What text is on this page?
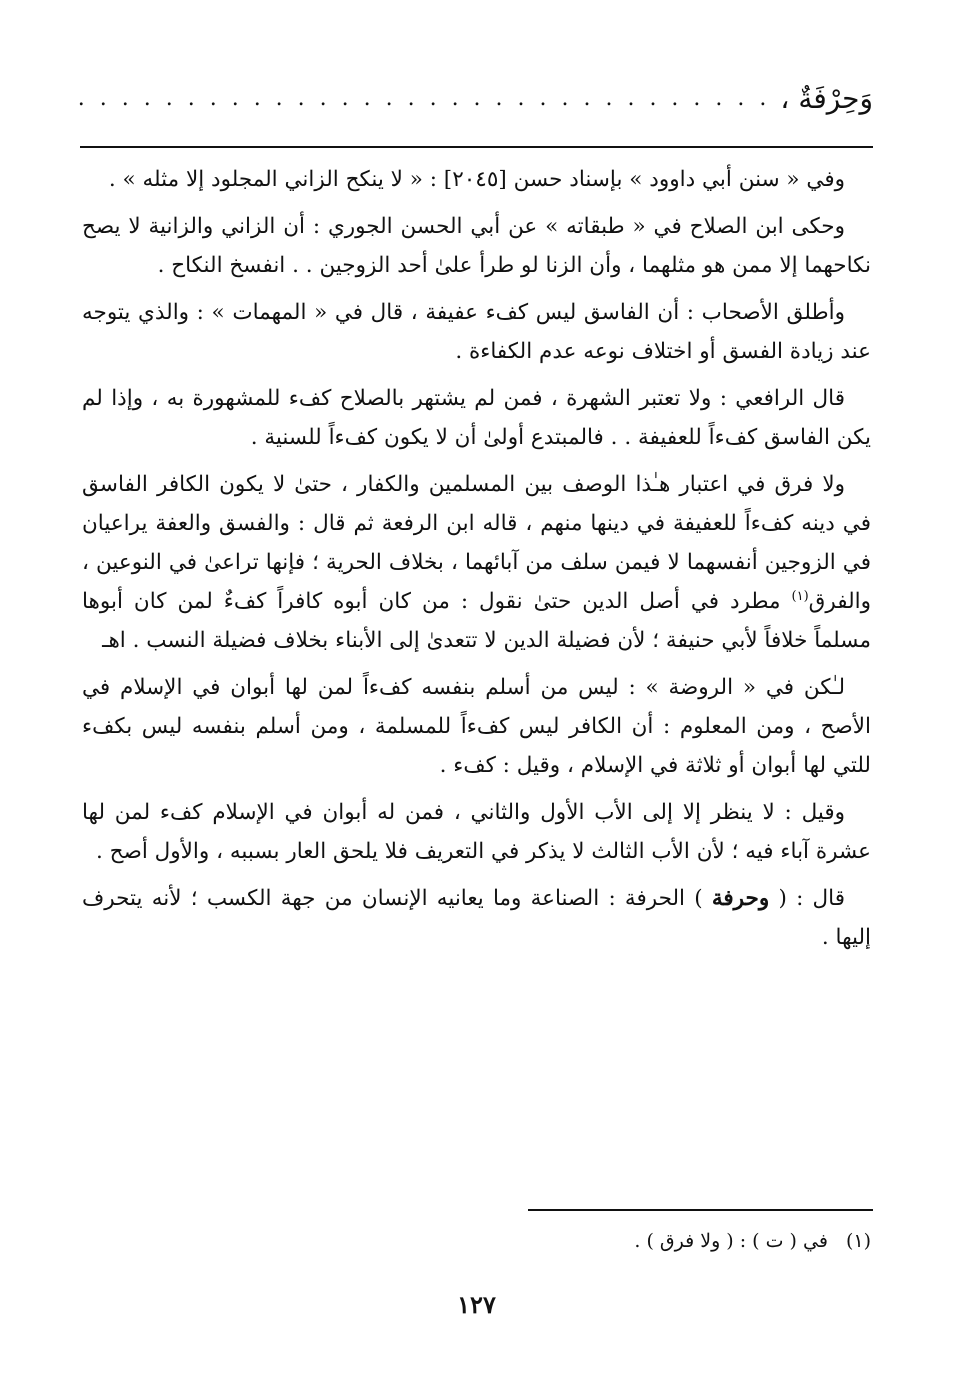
وَحِرْفَةٌ ،
. . . . . . . . . . . . . . . . . . . . . . . . . . . . . . . .

وفي « سنن أبي داوود » بإسناد حسن [٢٠٤٥] : « لا ينكح الزاني المجلود إلا مثله » .

وحكى ابن الصلاح في « طبقاته » عن أبي الحسن الجوري : أن الزاني والزانية لا يصح نكاحهما إلا ممن هو مثلهما ، وأن الزنا لو طرأ علىٰ أحد الزوجين . . انفسخ النكاح .

وأطلق الأصحاب : أن الفاسق ليس كفء عفيفة ، قال في « المهمات » : والذي يتوجه عند زيادة الفسق أو اختلاف نوعه عدم الكفاءة .

قال الرافعي : ولا تعتبر الشهرة ، فمن لم يشتهر بالصلاح كفء للمشهورة به ، وإذا لم يكن الفاسق كفءاً للعفيفة . . فالمبتدع أولىٰ أن لا يكون كفءاً للسنية .

ولا فرق في اعتبار هـٰذا الوصف بين المسلمين والكفار ، حتىٰ لا يكون الكافر الفاسق في دينه كفءاً للعفيفة في دينها منهم ، قاله ابن الرفعة ثم قال : والفسق والعفة يراعيان في الزوجين أنفسهما لا فيمن سلف من آبائهما ، بخلاف الحرية ؛ فإنها تراعىٰ في النوعين ، والفرق$^{(١)}$ مطرد في أصل الدين حتىٰ نقول : من كان أبوه كافراً كفءٌ لمن كان أبوها مسلماً خلافاً لأبي حنيفة ؛ لأن فضيلة الدين لا تتعدىٰ إلى الأبناء بخلاف فضيلة النسب . اهـ

لـٰكن في « الروضة » : ليس من أسلم بنفسه كفءاً لمن لها أبوان في الإسلام في الأصح ، ومن المعلوم : أن الكافر ليس كفءاً للمسلمة ، ومن أسلم بنفسه ليس بكفء للتي لها أبوان أو ثلاثة في الإسلام ، وقيل : كفء .

وقيل : لا ينظر إلا إلى الأب الأول والثاني ، فمن له أبوان في الإسلام كفء لمن لها عشرة آباء فيه ؛ لأن الأب الثالث لا يذكر في التعريف فلا يلحق العار بسببه ، والأول أصح .

قال : ( وحرفة ) الحرفة : الصناعة وما يعانيه الإنسان من جهة الكسب ؛ لأنه يتحرف إليها .

(١)في ( ت ) : ( ولا فرق ) .
١٢٧
